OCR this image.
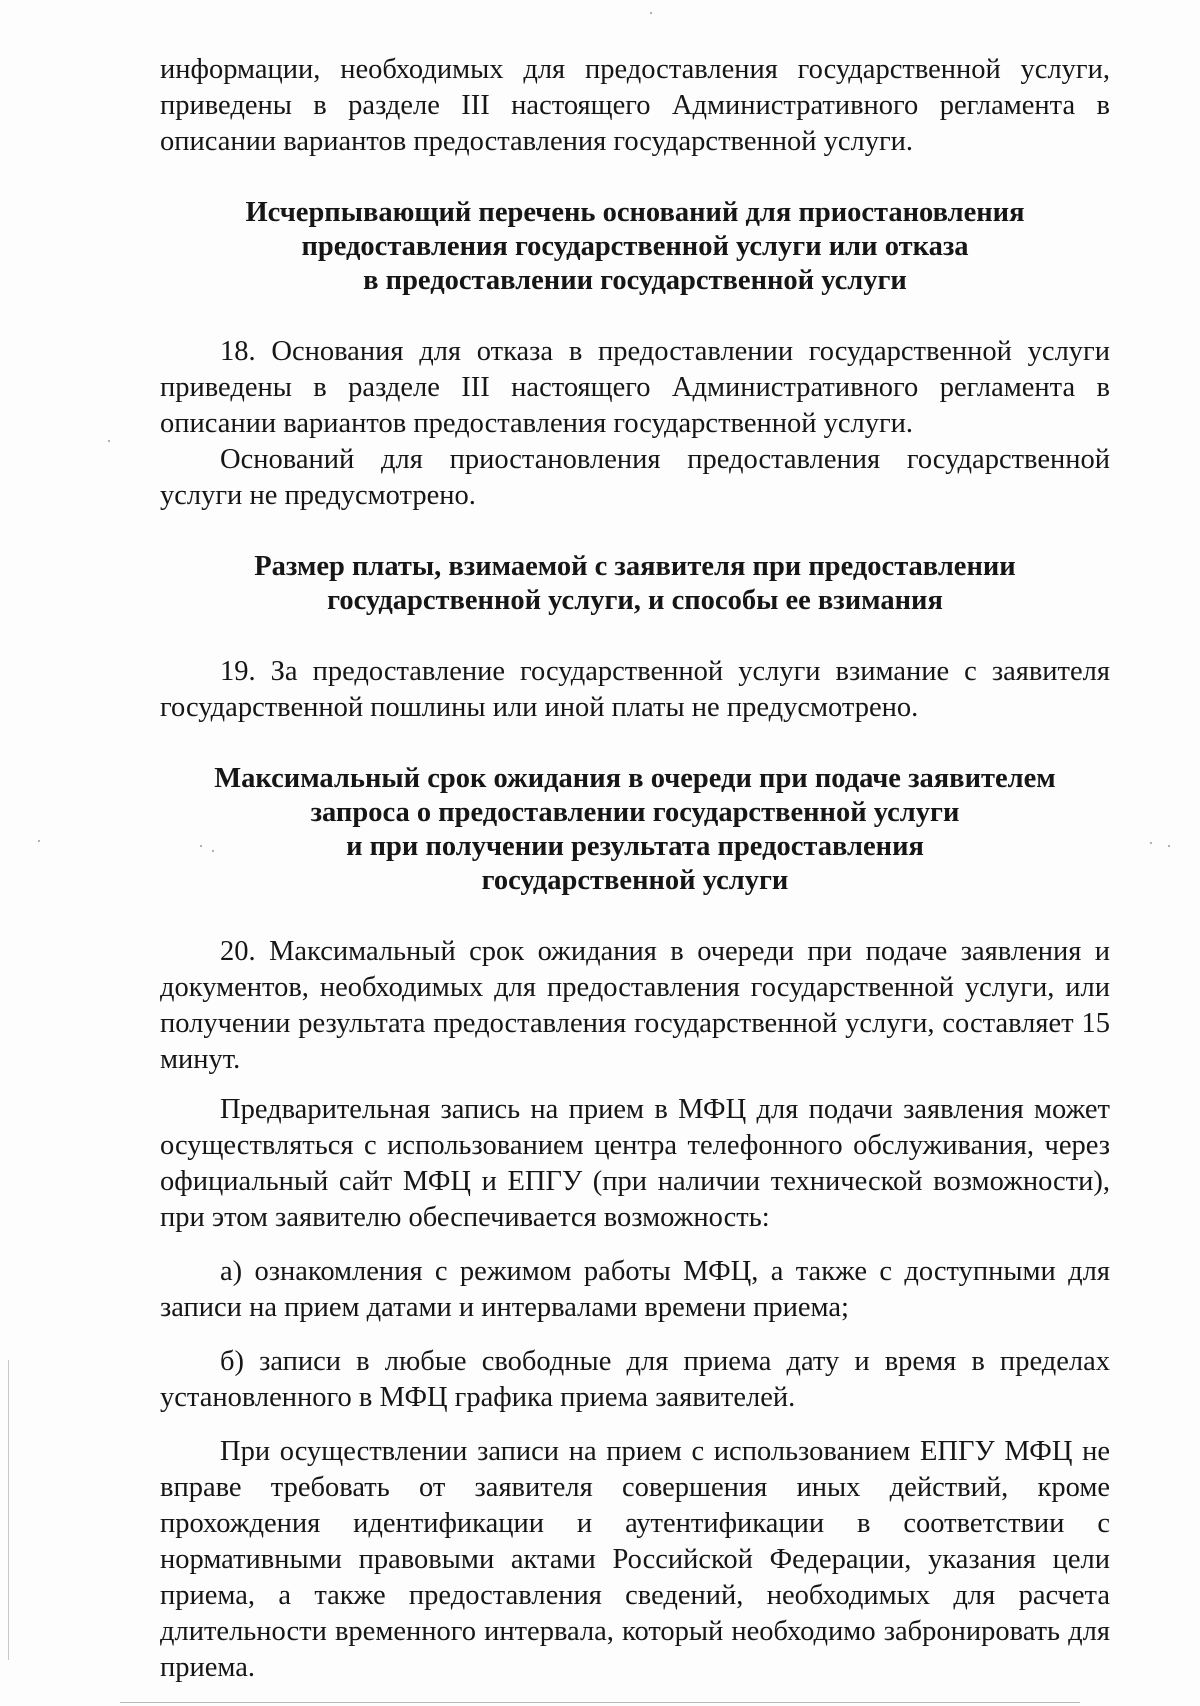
информации, необходимых для предоставления государственной услуги, приведены в разделе III настоящего Административного регламента в описании вариантов предоставления государственной услуги.

Исчерпывающий перечень оснований для приостановления
предоставления государственной услуги или отказа
в предоставлении государственной услуги

18. Основания для отказа в предоставлении государственной услуги приведены в разделе III настоящего Административного регламента в описании вариантов предоставления государственной услуги.

Оснований для приостановления предоставления государственной услуги не предусмотрено.

Размер платы, взимаемой с заявителя при предоставлении
государственной услуги, и способы ее взимания

19. За предоставление государственной услуги взимание с заявителя государственной пошлины или иной платы не предусмотрено.

Максимальный срок ожидания в очереди при подаче заявителем
запроса о предоставлении государственной услуги
и при получении результата предоставления
государственной услуги

20. Максимальный срок ожидания в очереди при подаче заявления и документов, необходимых для предоставления государственной услуги, или получении результата предоставления государственной услуги, составляет 15 минут.

Предварительная запись на прием в МФЦ для подачи заявления может осуществляться с использованием центра телефонного обслуживания, через официальный сайт МФЦ и ЕПГУ (при наличии технической возможности), при этом заявителю обеспечивается возможность:

а) ознакомления с режимом работы МФЦ, а также с доступными для записи на прием датами и интервалами времени приема;

б) записи в любые свободные для приема дату и время в пределах установленного в МФЦ графика приема заявителей.

При осуществлении записи на прием с использованием ЕПГУ МФЦ не вправе требовать от заявителя совершения иных действий, кроме прохождения идентификации и аутентификации в соответствии с нормативными правовыми актами Российской Федерации, указания цели приема, а также предоставления сведений, необходимых для расчета длительности временного интервала, который необходимо забронировать для приема.
